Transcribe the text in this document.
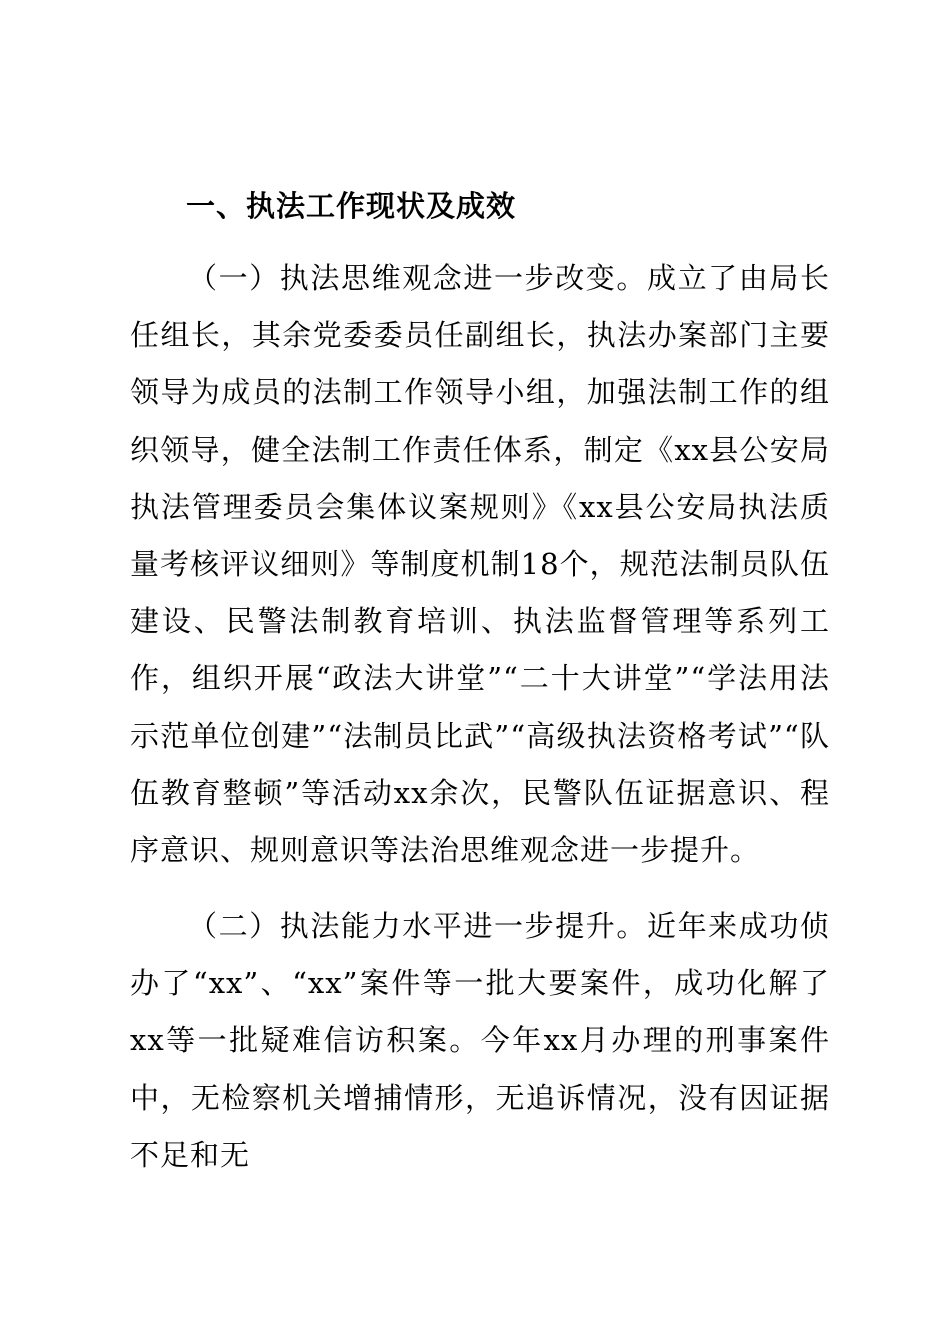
一、执法工作现状及成效

（一）执法思维观念进一步改变。成立了由局长任组长，其余党委委员任副组长，执法办案部门主要领导为成员的法制工作领导小组，加强法制工作的组织领导，健全法制工作责任体系，制定《xx县公安局执法管理委员会集体议案规则》《xx县公安局执法质量考核评议细则》等制度机制18个，规范法制员队伍建设、民警法制教育培训、执法监督管理等系列工作，组织开展“政法大讲堂”“二十大讲堂”“学法用法示范单位创建”“法制员比武”“高级执法资格考试”“队伍教育整顿”等活动xx余次，民警队伍证据意识、程序意识、规则意识等法治思维观念进一步提升。

（二）执法能力水平进一步提升。近年来成功侦办了“xx”、“xx”案件等一批大要案件，成功化解了xx等一批疑难信访积案。今年xx月办理的刑事案件中，无检察机关增捕情形，无追诉情况，没有因证据不足和无
